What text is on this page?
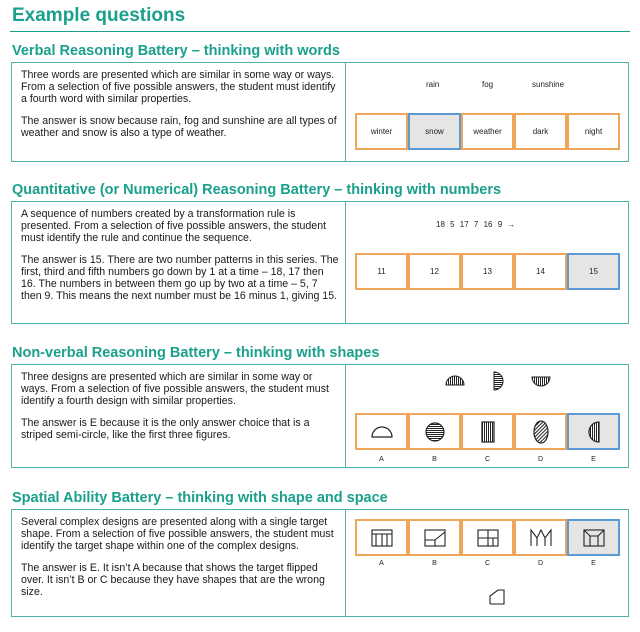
Example questions
Verbal Reasoning Battery – thinking with words

Three words are presented which are similar in some way or ways. From a selection of five possible answers, the student must identify a fourth word with similar properties.

The answer is snow because rain, fog and sunshine are all types of weather and snow is also a type of weather.

rain	fog	sunshine
winter	snow	weather	dark	night
Quantitative (or Numerical) Reasoning Battery – thinking with numbers

A sequence of numbers created by a transformation rule is presented. From a selection of five possible answers, the student must identify the rule and continue the sequence.

The answer is 15. There are two number patterns in this series. The first, third and fifth numbers go down by 1 at a time – 18, 17 then 16. The numbers in between them go up by two at a time – 5, 7 then 9. This means the next number must be 16 minus 1, giving 15.

18 5 17 7 16 9 →
11	12	13	14	15
Non-verbal Reasoning Battery – thinking with shapes

Three designs are presented which are similar in some way or ways. From a selection of five possible answers, the student must identify a fourth design with similar properties.

The answer is E because it is the only answer choice that is a striped semi-circle, like the first three figures.

A	B	C	D	E
Spatial Ability Battery – thinking with shape and space

Several complex designs are presented along with a single target shape. From a selection of five possible answers, the student must identify the target shape within one of the complex designs.

The answer is E. It isn’t A because that shows the target flipped over. It isn’t B or C because they have shapes that are the wrong size.

A	B	C	D	E
